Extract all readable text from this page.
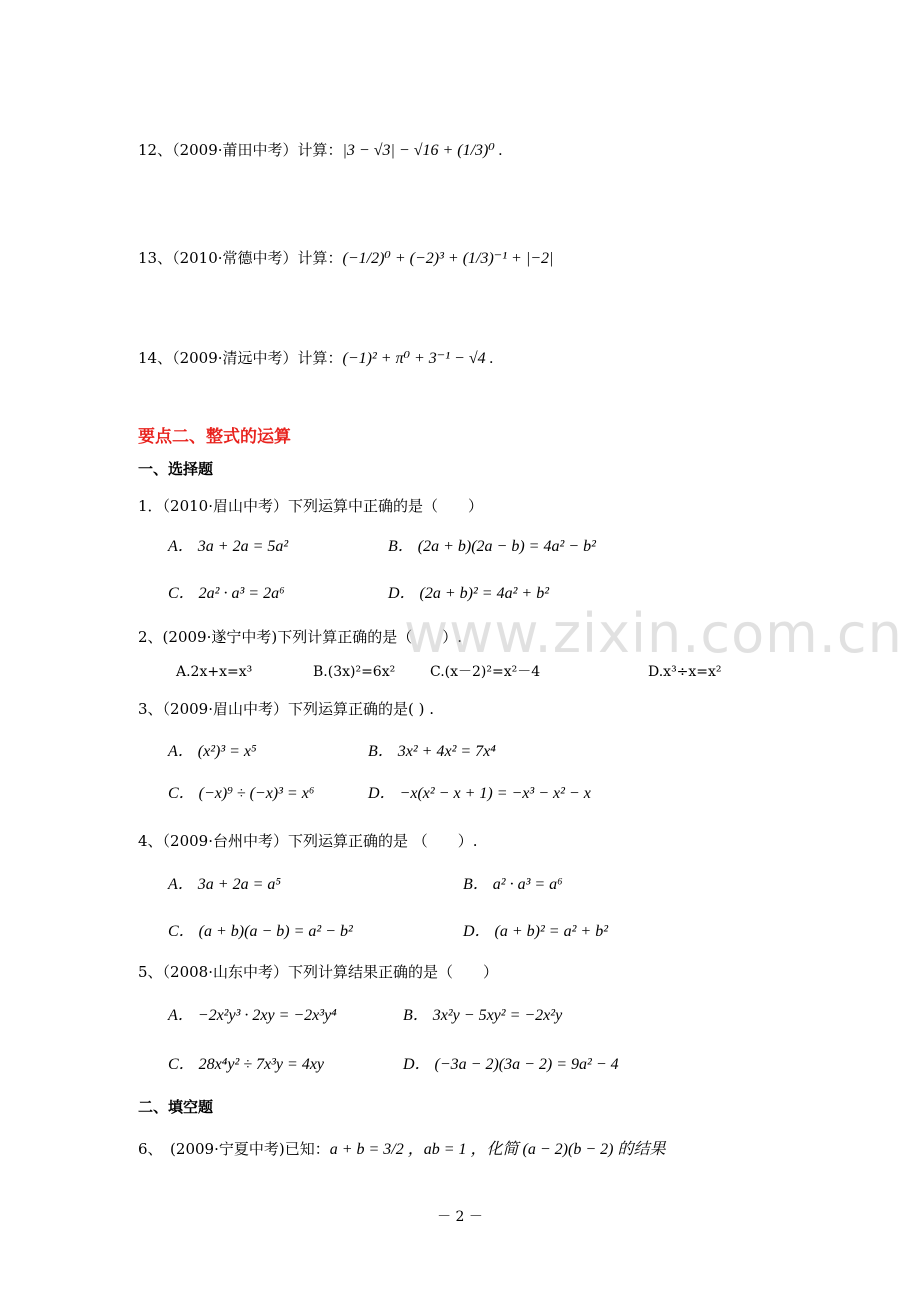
12、（2009·莆田中考）计算：|3 − √3| − √16 + (1/3)⁰ .
13、（2010·常德中考）计算：(−1/2)⁰ + (−2)³ + (1/3)⁻¹ + |−2|
14、（2009·清远中考）计算：(−1)² + π⁰ + 3⁻¹ − √4 .
要点二、整式的运算
一、选择题
1．（2010·眉山中考）下列运算中正确的是（　　）
A． 3a + 2a = 5a²	B． (2a + b)(2a − b) = 4a² − b²
C． 2a² · a³ = 2a⁶	D． (2a + b)² = 4a² + b²
2、(2009·遂宁中考)下列计算正确的是（　　）.
A.2x+x=x³	B.(3x)²=6x² C.(x－2)²=x²－4	D.x³÷x=x²
3、（2009·眉山中考）下列运算正确的是( ) .
A． (x²)³ = x⁵	B． 3x² + 4x² = 7x⁴
C． (−x)⁹ ÷ (−x)³ = x⁶	D． −x(x² − x + 1) = −x³ − x² − x
4、（2009·台州中考）下列运算正确的是 （　　）.
A． 3a + 2a = a⁵	B． a² · a³ = a⁶
C． (a + b)(a − b) = a² − b²	D． (a + b)² = a² + b²
5、（2008·山东中考）下列计算结果正确的是（　　）
A． −2x²y³ · 2xy = −2x³y⁴	B． 3x²y − 5xy² = −2x²y
C． 28x⁴y² ÷ 7x³y = 4xy	D． (−3a − 2)(3a − 2) = 9a² − 4
二、填空题
6、　(2009·宁夏中考)已知：a + b = 3/2 ，ab = 1 ，化简 (a − 2)(b − 2) 的结果
www.zixin.com.cn
－ 2 －
